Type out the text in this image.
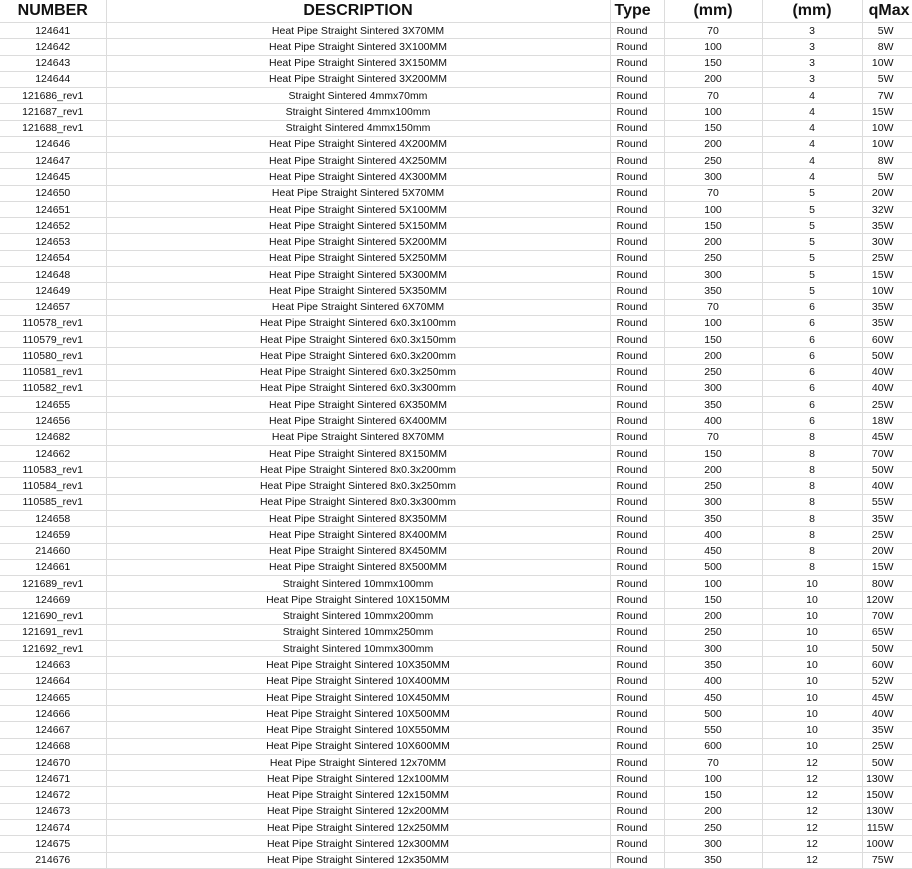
NUMBER	DESCRIPTION	Type	(mm)	(mm)	qMax
124641	Heat Pipe Straight Sintered 3X70MM	Round	70	3	5W
124642	Heat Pipe Straight Sintered 3X100MM	Round	100	3	8W
124643	Heat Pipe Straight Sintered 3X150MM	Round	150	3	10W
124644	Heat Pipe Straight Sintered 3X200MM	Round	200	3	5W
121686_rev1	Straight Sintered 4mmx70mm	Round	70	4	7W
121687_rev1	Straight Sintered 4mmx100mm	Round	100	4	15W
121688_rev1	Straight Sintered 4mmx150mm	Round	150	4	10W
124646	Heat Pipe Straight Sintered 4X200MM	Round	200	4	10W
124647	Heat Pipe Straight Sintered 4X250MM	Round	250	4	8W
124645	Heat Pipe Straight Sintered 4X300MM	Round	300	4	5W
124650	Heat Pipe Straight Sintered 5X70MM	Round	70	5	20W
124651	Heat Pipe Straight Sintered 5X100MM	Round	100	5	32W
124652	Heat Pipe Straight Sintered 5X150MM	Round	150	5	35W
124653	Heat Pipe Straight Sintered 5X200MM	Round	200	5	30W
124654	Heat Pipe Straight Sintered 5X250MM	Round	250	5	25W
124648	Heat Pipe Straight Sintered 5X300MM	Round	300	5	15W
124649	Heat Pipe Straight Sintered 5X350MM	Round	350	5	10W
124657	Heat Pipe Straight Sintered 6X70MM	Round	70	6	35W
110578_rev1	Heat Pipe Straight Sintered 6x0.3x100mm	Round	100	6	35W
110579_rev1	Heat Pipe Straight Sintered 6x0.3x150mm	Round	150	6	60W
110580_rev1	Heat Pipe Straight Sintered 6x0.3x200mm	Round	200	6	50W
110581_rev1	Heat Pipe Straight Sintered 6x0.3x250mm	Round	250	6	40W
110582_rev1	Heat Pipe Straight Sintered 6x0.3x300mm	Round	300	6	40W
124655	Heat Pipe Straight Sintered 6X350MM	Round	350	6	25W
124656	Heat Pipe Straight Sintered 6X400MM	Round	400	6	18W
124682	Heat Pipe Straight Sintered 8X70MM	Round	70	8	45W
124662	Heat Pipe Straight Sintered 8X150MM	Round	150	8	70W
110583_rev1	Heat Pipe Straight Sintered 8x0.3x200mm	Round	200	8	50W
110584_rev1	Heat Pipe Straight Sintered 8x0.3x250mm	Round	250	8	40W
110585_rev1	Heat Pipe Straight Sintered 8x0.3x300mm	Round	300	8	55W
124658	Heat Pipe Straight Sintered 8X350MM	Round	350	8	35W
124659	Heat Pipe Straight Sintered 8X400MM	Round	400	8	25W
214660	Heat Pipe Straight Sintered 8X450MM	Round	450	8	20W
124661	Heat Pipe Straight Sintered 8X500MM	Round	500	8	15W
121689_rev1	Straight Sintered 10mmx100mm	Round	100	10	80W
124669	Heat Pipe Straight Sintered 10X150MM	Round	150	10	120W
121690_rev1	Straight Sintered 10mmx200mm	Round	200	10	70W
121691_rev1	Straight Sintered 10mmx250mm	Round	250	10	65W
121692_rev1	Straight Sintered 10mmx300mm	Round	300	10	50W
124663	Heat Pipe Straight Sintered 10X350MM	Round	350	10	60W
124664	Heat Pipe Straight Sintered 10X400MM	Round	400	10	52W
124665	Heat Pipe Straight Sintered 10X450MM	Round	450	10	45W
124666	Heat Pipe Straight Sintered 10X500MM	Round	500	10	40W
124667	Heat Pipe Straight Sintered 10X550MM	Round	550	10	35W
124668	Heat Pipe Straight Sintered 10X600MM	Round	600	10	25W
124670	Heat Pipe Straight Sintered 12x70MM	Round	70	12	50W
124671	Heat Pipe Straight Sintered 12x100MM	Round	100	12	130W
124672	Heat Pipe Straight Sintered 12x150MM	Round	150	12	150W
124673	Heat Pipe Straight Sintered 12x200MM	Round	200	12	130W
124674	Heat Pipe Straight Sintered 12x250MM	Round	250	12	115W
124675	Heat Pipe Straight Sintered 12x300MM	Round	300	12	100W
214676	Heat Pipe Straight Sintered 12x350MM	Round	350	12	75W
